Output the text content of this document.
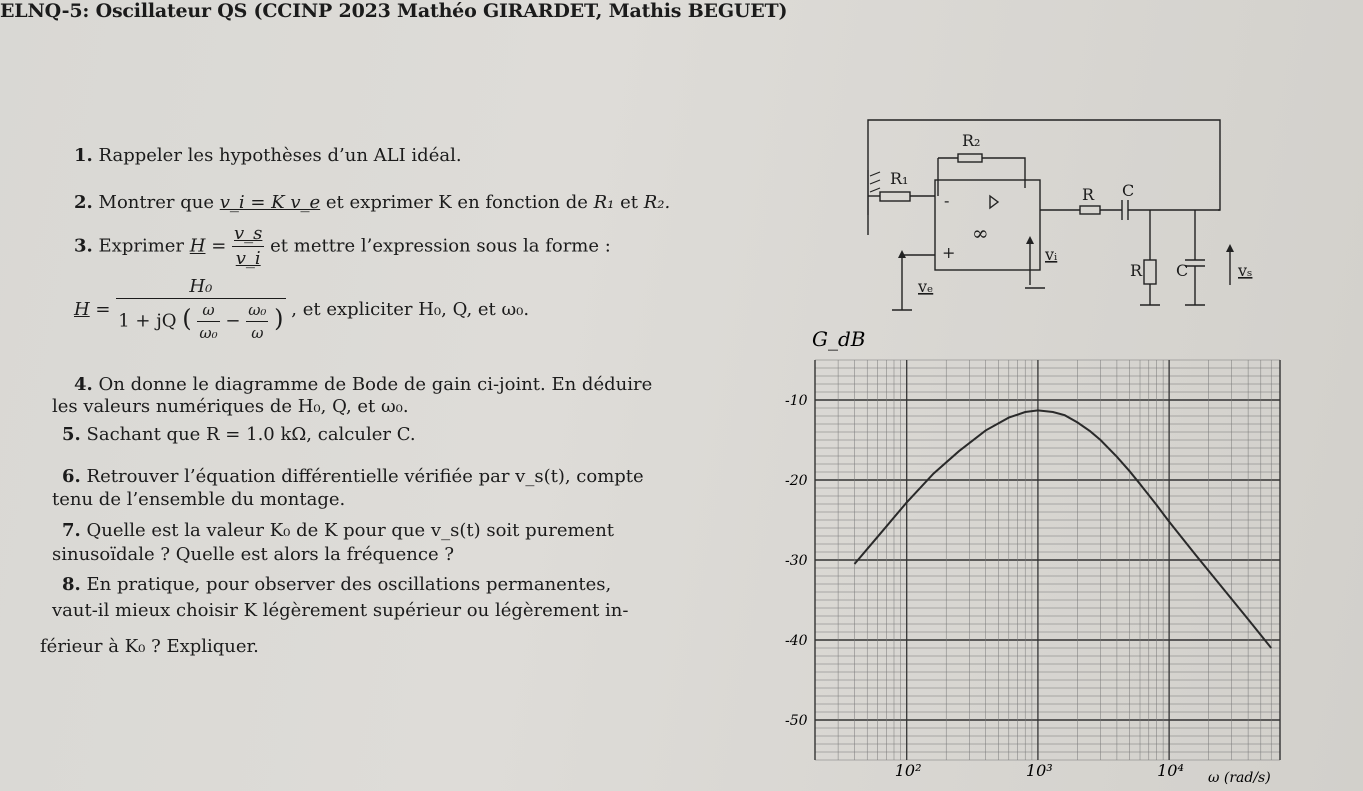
ELNQ-5: Oscillateur QS (CCINP 2023 Mathéo GIRARDET, Mathis BEGUET)
1. Rappeler les hypothèses d’un ALI idéal.
2. Montrer que v_i = K v_e et exprimer K en fonction de R₁ et R₂.
3. Exprimer $H = \frac{v\_s}{v\_i}$ et mettre l’expression sous la forme :
$H = \frac{\text{H₀}}{1 + jQ ( \frac{\omega}{\text{ω₀}} - \frac{\text{ω₀}}{\omega} )}$ , et expliciter H₀, Q, et ω₀.
4. On donne le diagramme de Bode de gain ci-joint. En déduire
les valeurs numériques de H₀, Q, et ω₀.
5. Sachant que R = 1.0 kΩ, calculer C.
6. Retrouver l’équation différentielle vérifiée par v_s(t), compte
tenu de l’ensemble du montage.
7. Quelle est la valeur K₀ de K pour que v_s(t) soit purement
sinusoïdale ? Quelle est alors la fréquence ?
8. En pratique, pour observer des oscillations permanentes,
vaut-il mieux choisir K légèrement supérieur ou légèrement in-
férieur à K₀ ? Expliquer.
R₂
R₁
-
+
∞
R C
R C
vᵢ
vₑ
vₛ
G_dB
-10
-20
-30
-40
-50
10²	10³	10⁴ ω (rad/s)
